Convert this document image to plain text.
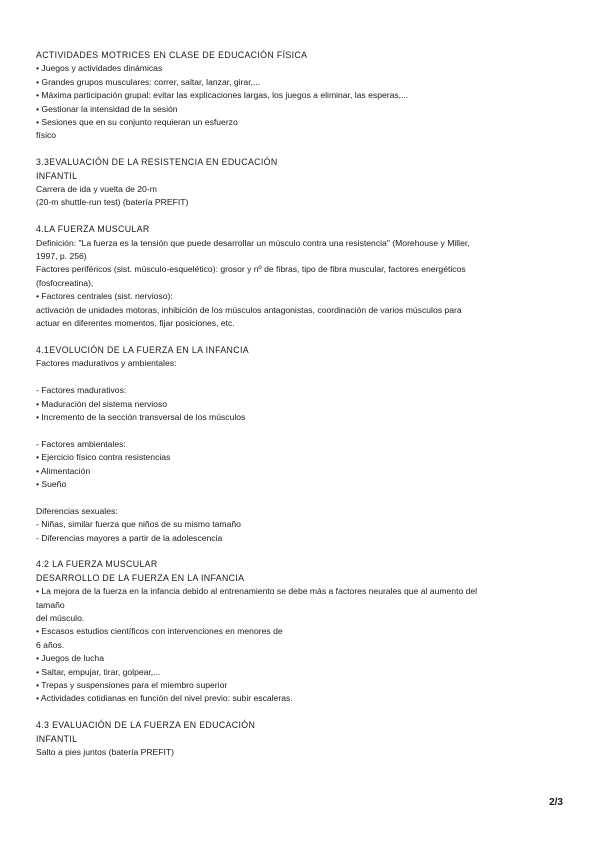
ACTIVIDADES MOTRICES EN CLASE DE EDUCACIÓN FÍSICA
• Juegos y actividades dinámicas
• Grandes grupos musculares: correr, saltar, lanzar, girar,...
• Máxima participación grupal: evitar las explicaciones largas, los juegos a eliminar, las esperas,...
• Gestionar la intensidad de la sesión
• Sesiones que en su conjunto requieran un esfuerzo
físico
3.3EVALUACIÓN DE LA RESISTENCIA EN EDUCACIÓN
INFANTIL
Carrera de ida y vuelta de 20-m
(20-m shuttle-run test) (batería PREFIT)
4.LA FUERZA MUSCULAR
Definición: "La fuerza es la tensión que puede desarrollar un músculo contra una resistencia" (Morehouse y Miller,
1997, p. 256)
Factores periféricos (sist. músculo-esquelético): grosor y nº de fibras, tipo de fibra muscular, factores energéticos
(fosfocreatina),
• Factores centrales (sist. nervioso):
activación de unidades motoras, inhibición de los músculos antagonistas, coordinación de varios músculos para
actuar en diferentes momentos, fijar posiciones, etc.
4.1EVOLUCIÓN DE LA FUERZA EN LA INFANCIA
Factores madurativos y ambientales:
- Factores madurativos:
• Maduración del sistema nervioso
• Incremento de la sección transversal de los músculos
- Factores ambientales:
• Ejercicio físico contra resistencias
• Alimentación
• Sueño
Diferencias sexuales:
- Niñas, similar fuerza que niños de su mismo tamaño
- Diferencias mayores a partir de la adolescencia
4.2 LA FUERZA MUSCULAR
DESARROLLO DE LA FUERZA EN LA INFANCIA
• La mejora de la fuerza en la infancia debido al entrenamiento se debe más a factores neurales que al aumento del
tamaño
del músculo.
• Escasos estudios científicos con intervenciones en menores de
6 años.
• Juegos de lucha
• Saltar, empujar, tirar, golpear,...
• Trepas y suspensiones para el miembro superior
• Actividades cotidianas en función del nivel previo: subir escaleras.
4.3 EVALUACIÓN DE LA FUERZA EN EDUCACIÓN
INFANTIL
Salto a pies juntos (batería PREFIT)
2/3
